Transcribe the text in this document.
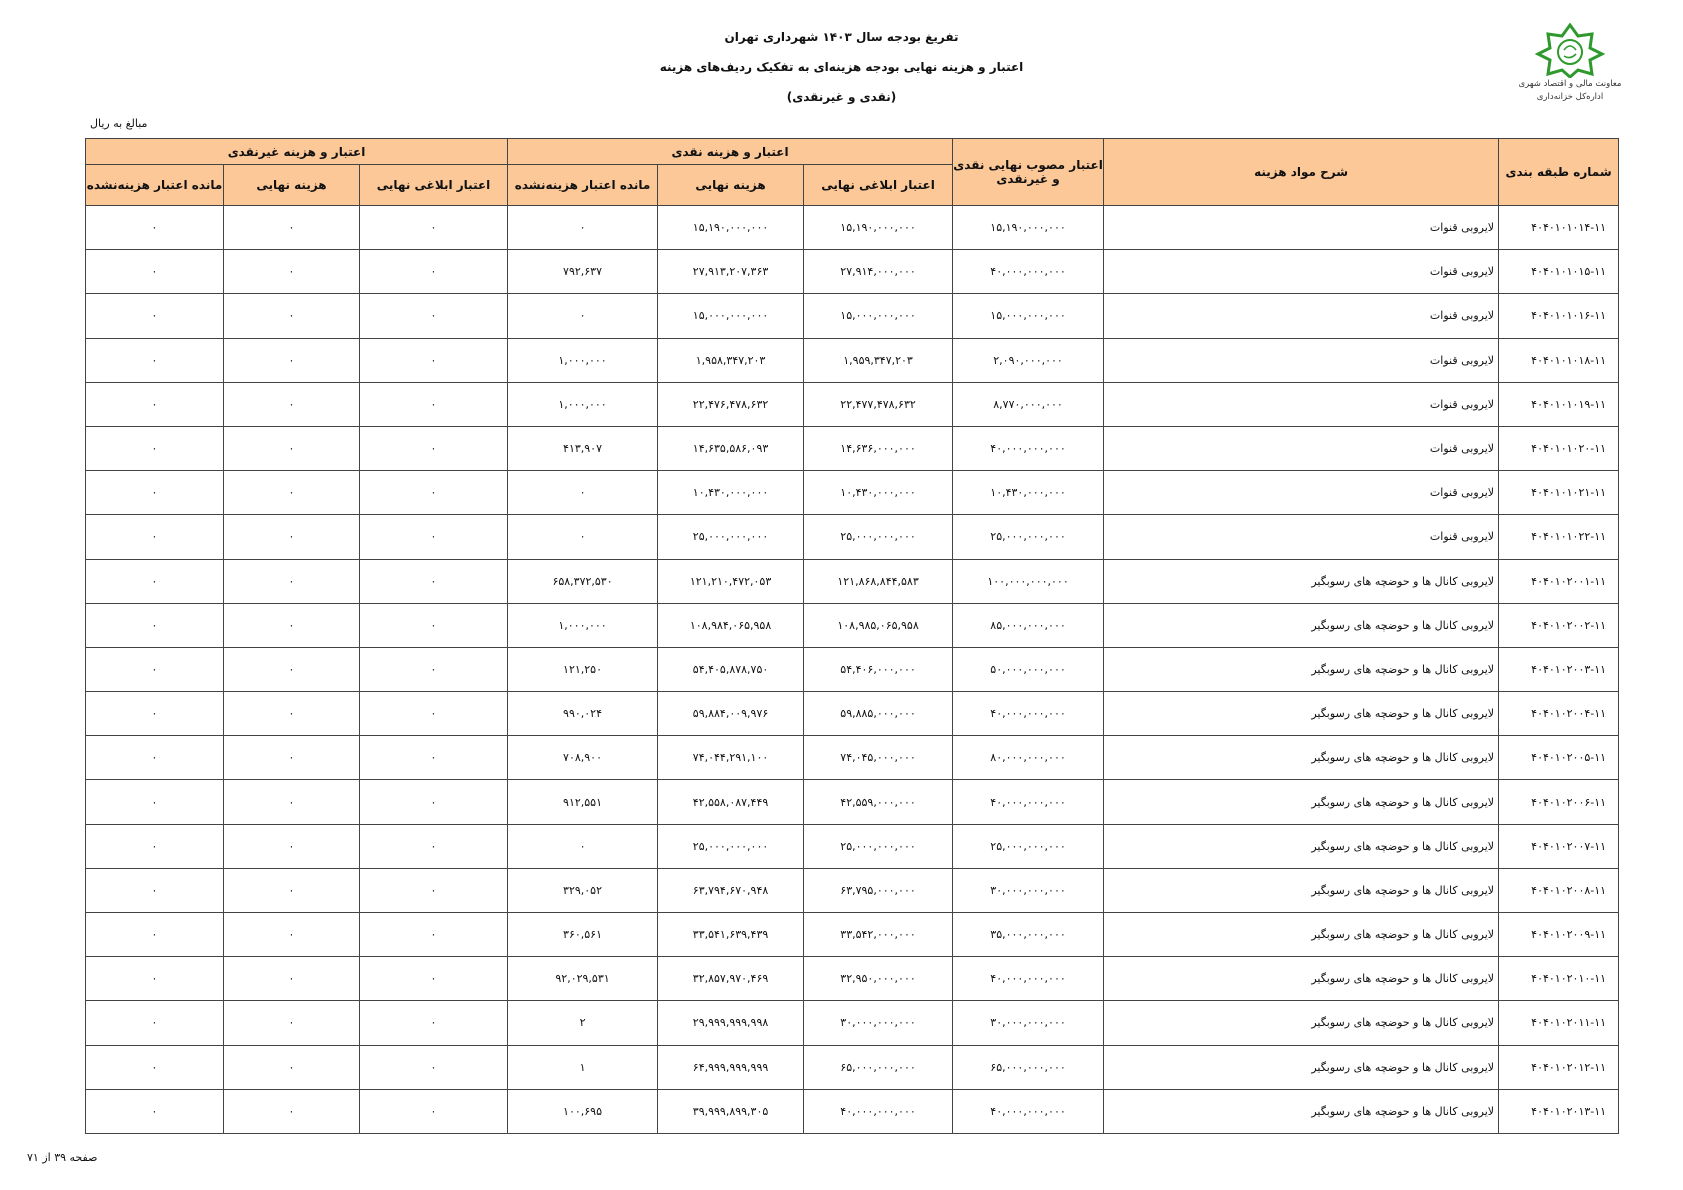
تفریغ بودجه سال ۱۴۰۳ شهرداری تهران
اعتبار و هزینه نهایی بودجه هزینه‌ای به تفکیک ردیف‌های هزینه
(نقدی و غیرنقدی)
معاونت مالی و اقتصاد شهری
اداره‌کل خزانه‌داری
مبالغ به ریال
شماره طبقه بندی	شرح مواد هزینه	اعتبار مصوب نهایی نقدی و غیرنقدی	اعتبار و هزینه نقدی			اعتبار و هزینه غیرنقدی		
			اعتبار ابلاغی نهایی	هزینه نهایی	مانده اعتبار هزینه‌نشده	اعتبار ابلاغی نهایی	هزینه نهایی	مانده اعتبار هزینه‌نشده
۴۰۴۰۱۰۱۰۱۴-۱۱	لایروبی قنوات	۱۵,۱۹۰,۰۰۰,۰۰۰	۱۵,۱۹۰,۰۰۰,۰۰۰	۱۵,۱۹۰,۰۰۰,۰۰۰	۰	۰	۰	۰
۴۰۴۰۱۰۱۰۱۵-۱۱	لایروبی قنوات	۴۰,۰۰۰,۰۰۰,۰۰۰	۲۷,۹۱۴,۰۰۰,۰۰۰	۲۷,۹۱۳,۲۰۷,۳۶۳	۷۹۲,۶۳۷	۰	۰	۰
۴۰۴۰۱۰۱۰۱۶-۱۱	لایروبی قنوات	۱۵,۰۰۰,۰۰۰,۰۰۰	۱۵,۰۰۰,۰۰۰,۰۰۰	۱۵,۰۰۰,۰۰۰,۰۰۰	۰	۰	۰	۰
۴۰۴۰۱۰۱۰۱۸-۱۱	لایروبی قنوات	۲,۰۹۰,۰۰۰,۰۰۰	۱,۹۵۹,۳۴۷,۲۰۳	۱,۹۵۸,۳۴۷,۲۰۳	۱,۰۰۰,۰۰۰	۰	۰	۰
۴۰۴۰۱۰۱۰۱۹-۱۱	لایروبی قنوات	۸,۷۷۰,۰۰۰,۰۰۰	۲۲,۴۷۷,۴۷۸,۶۳۲	۲۲,۴۷۶,۴۷۸,۶۳۲	۱,۰۰۰,۰۰۰	۰	۰	۰
۴۰۴۰۱۰۱۰۲۰-۱۱	لایروبی قنوات	۴۰,۰۰۰,۰۰۰,۰۰۰	۱۴,۶۳۶,۰۰۰,۰۰۰	۱۴,۶۳۵,۵۸۶,۰۹۳	۴۱۳,۹۰۷	۰	۰	۰
۴۰۴۰۱۰۱۰۲۱-۱۱	لایروبی قنوات	۱۰,۴۳۰,۰۰۰,۰۰۰	۱۰,۴۳۰,۰۰۰,۰۰۰	۱۰,۴۳۰,۰۰۰,۰۰۰	۰	۰	۰	۰
۴۰۴۰۱۰۱۰۲۲-۱۱	لایروبی قنوات	۲۵,۰۰۰,۰۰۰,۰۰۰	۲۵,۰۰۰,۰۰۰,۰۰۰	۲۵,۰۰۰,۰۰۰,۰۰۰	۰	۰	۰	۰
۴۰۴۰۱۰۲۰۰۱-۱۱	لایروبی کانال ها و حوضچه های رسوبگیر	۱۰۰,۰۰۰,۰۰۰,۰۰۰	۱۲۱,۸۶۸,۸۴۴,۵۸۳	۱۲۱,۲۱۰,۴۷۲,۰۵۳	۶۵۸,۳۷۲,۵۳۰	۰	۰	۰
۴۰۴۰۱۰۲۰۰۲-۱۱	لایروبی کانال ها و حوضچه های رسوبگیر	۸۵,۰۰۰,۰۰۰,۰۰۰	۱۰۸,۹۸۵,۰۶۵,۹۵۸	۱۰۸,۹۸۴,۰۶۵,۹۵۸	۱,۰۰۰,۰۰۰	۰	۰	۰
۴۰۴۰۱۰۲۰۰۳-۱۱	لایروبی کانال ها و حوضچه های رسوبگیر	۵۰,۰۰۰,۰۰۰,۰۰۰	۵۴,۴۰۶,۰۰۰,۰۰۰	۵۴,۴۰۵,۸۷۸,۷۵۰	۱۲۱,۲۵۰	۰	۰	۰
۴۰۴۰۱۰۲۰۰۴-۱۱	لایروبی کانال ها و حوضچه های رسوبگیر	۴۰,۰۰۰,۰۰۰,۰۰۰	۵۹,۸۸۵,۰۰۰,۰۰۰	۵۹,۸۸۴,۰۰۹,۹۷۶	۹۹۰,۰۲۴	۰	۰	۰
۴۰۴۰۱۰۲۰۰۵-۱۱	لایروبی کانال ها و حوضچه های رسوبگیر	۸۰,۰۰۰,۰۰۰,۰۰۰	۷۴,۰۴۵,۰۰۰,۰۰۰	۷۴,۰۴۴,۲۹۱,۱۰۰	۷۰۸,۹۰۰	۰	۰	۰
۴۰۴۰۱۰۲۰۰۶-۱۱	لایروبی کانال ها و حوضچه های رسوبگیر	۴۰,۰۰۰,۰۰۰,۰۰۰	۴۲,۵۵۹,۰۰۰,۰۰۰	۴۲,۵۵۸,۰۸۷,۴۴۹	۹۱۲,۵۵۱	۰	۰	۰
۴۰۴۰۱۰۲۰۰۷-۱۱	لایروبی کانال ها و حوضچه های رسوبگیر	۲۵,۰۰۰,۰۰۰,۰۰۰	۲۵,۰۰۰,۰۰۰,۰۰۰	۲۵,۰۰۰,۰۰۰,۰۰۰	۰	۰	۰	۰
۴۰۴۰۱۰۲۰۰۸-۱۱	لایروبی کانال ها و حوضچه های رسوبگیر	۳۰,۰۰۰,۰۰۰,۰۰۰	۶۳,۷۹۵,۰۰۰,۰۰۰	۶۳,۷۹۴,۶۷۰,۹۴۸	۳۲۹,۰۵۲	۰	۰	۰
۴۰۴۰۱۰۲۰۰۹-۱۱	لایروبی کانال ها و حوضچه های رسوبگیر	۳۵,۰۰۰,۰۰۰,۰۰۰	۳۳,۵۴۲,۰۰۰,۰۰۰	۳۳,۵۴۱,۶۳۹,۴۳۹	۳۶۰,۵۶۱	۰	۰	۰
۴۰۴۰۱۰۲۰۱۰-۱۱	لایروبی کانال ها و حوضچه های رسوبگیر	۴۰,۰۰۰,۰۰۰,۰۰۰	۳۲,۹۵۰,۰۰۰,۰۰۰	۳۲,۸۵۷,۹۷۰,۴۶۹	۹۲,۰۲۹,۵۳۱	۰	۰	۰
۴۰۴۰۱۰۲۰۱۱-۱۱	لایروبی کانال ها و حوضچه های رسوبگیر	۳۰,۰۰۰,۰۰۰,۰۰۰	۳۰,۰۰۰,۰۰۰,۰۰۰	۲۹,۹۹۹,۹۹۹,۹۹۸	۲	۰	۰	۰
۴۰۴۰۱۰۲۰۱۲-۱۱	لایروبی کانال ها و حوضچه های رسوبگیر	۶۵,۰۰۰,۰۰۰,۰۰۰	۶۵,۰۰۰,۰۰۰,۰۰۰	۶۴,۹۹۹,۹۹۹,۹۹۹	۱	۰	۰	۰
۴۰۴۰۱۰۲۰۱۳-۱۱	لایروبی کانال ها و حوضچه های رسوبگیر	۴۰,۰۰۰,۰۰۰,۰۰۰	۴۰,۰۰۰,۰۰۰,۰۰۰	۳۹,۹۹۹,۸۹۹,۳۰۵	۱۰۰,۶۹۵	۰	۰	۰
صفحه ۳۹ از ۷۱
